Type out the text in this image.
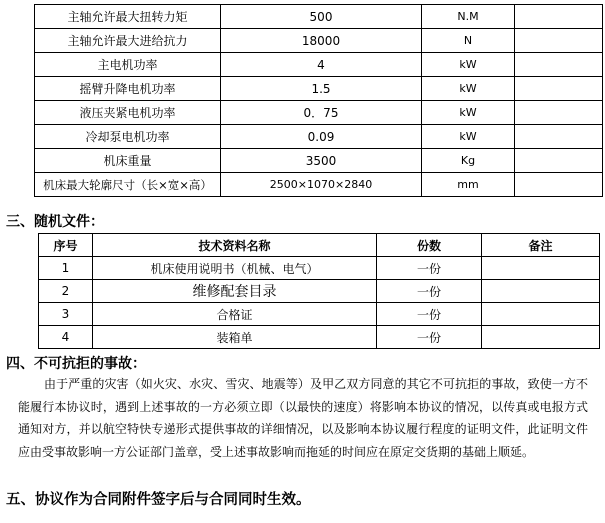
主轴允许最大扭转力矩	500	N.M	
主轴允许最大进给抗力	18000	N	
主电机功率	4	kW	
摇臂升降电机功率	1.5	kW	
液压夹紧电机功率	0．75	kW	
冷却泵电机功率	0.09	kW	
机床重量	3500	Kg	
机床最大轮廓尺寸（长×宽×高）	2500×1070×2840	mm	
三、随机文件：
序号	技术资料名称	份数	备注
1	机床使用说明书（机械、电气）	一份	
2	维修配套目录	一份	
3	合格证	一份	
4	装箱单	一份	
四、不可抗拒的事故：
由于严重的灾害（如火灾、水灾、雪灾、地震等）及甲乙双方同意的其它不可抗拒的事故，致使一方不能履行本协议时，遇到上述事故的一方必须立即（以最快的速度）将影响本协议的情况，以传真或电报方式通知对方，并以航空特快专递形式提供事故的详细情况，以及影响本协议履行程度的证明文件，此证明文件应由受事故影响一方公证部门盖章，受上述事故影响而拖延的时间应在原定交货期的基础上顺延。
五、协议作为合同附件签字后与合同同时生效。
